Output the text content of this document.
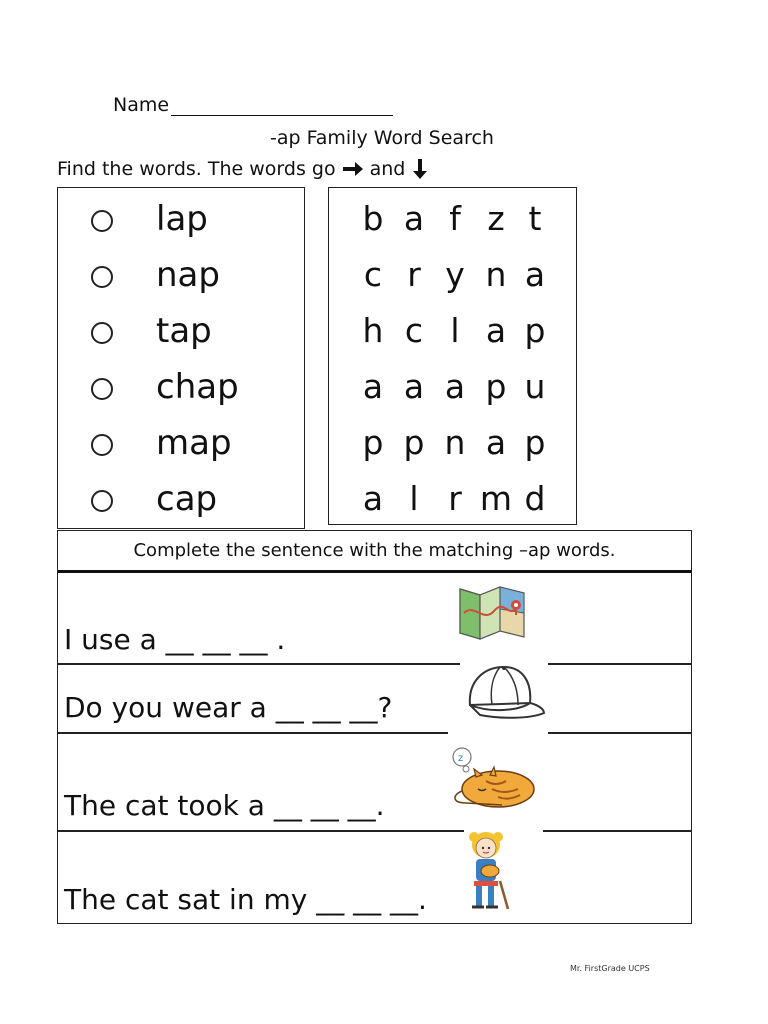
Name
-ap Family Word Search
Find the words. The words go and
lap
nap
tap
chap
map
cap
b a f z t
c r y n a
h c l a p
a a a p u
p p n a p
a l r m d
Complete the sentence with the matching –ap words.
I use a __ __ __ .
Do you wear a __ __ __?
The cat took a __ __ __.
The cat sat in my __ __ __.
z
Mr. FirstGrade UCPS
